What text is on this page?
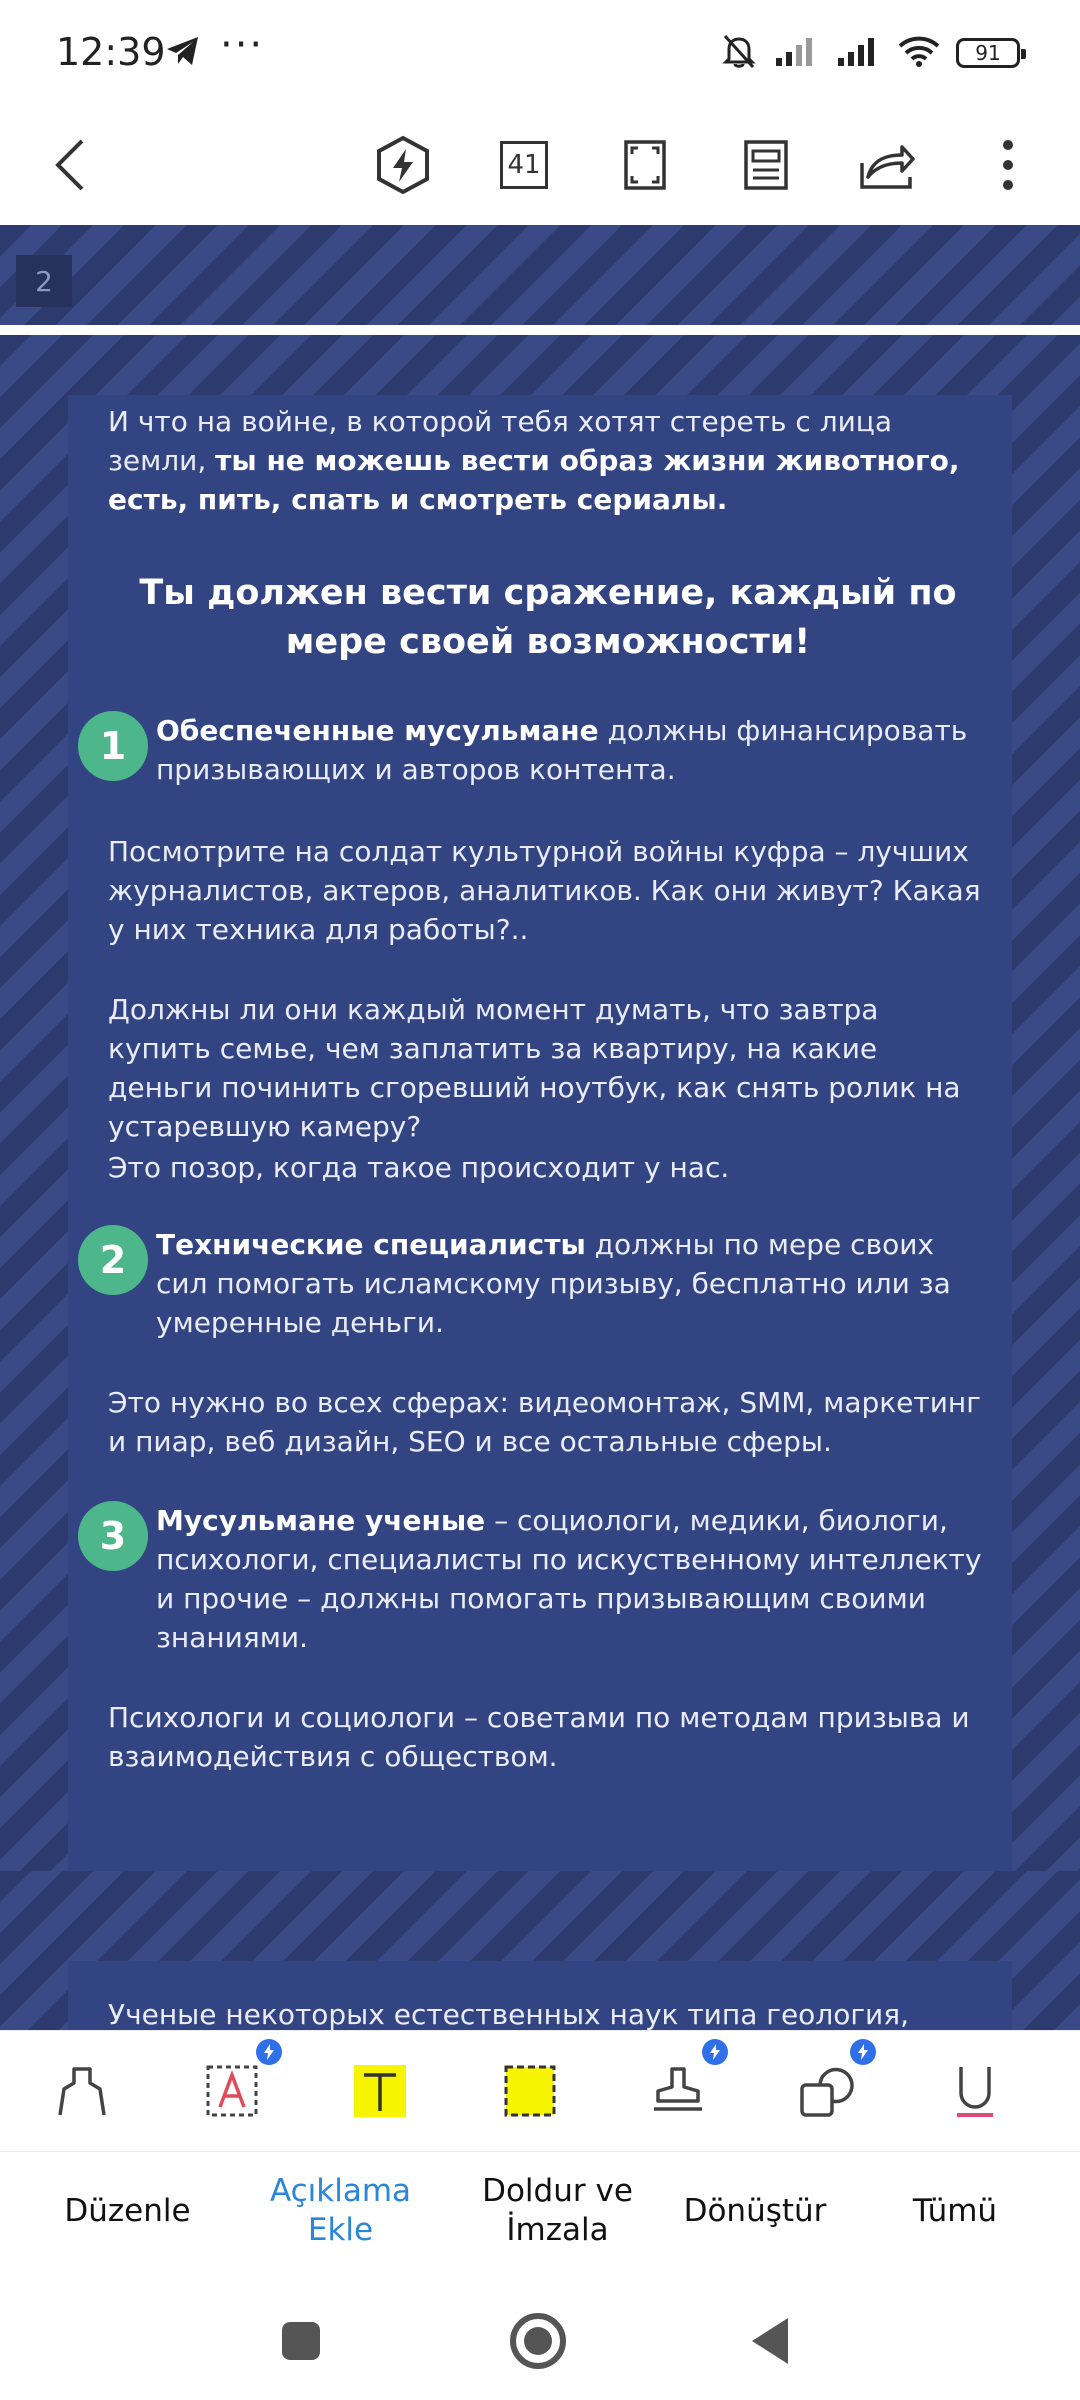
12:39 ···	91
41
2

И что на войне, в которой тебя хотят стереть с лица земли, ты не можешь вести образ жизни животного, есть, пить, спать и смотреть сериалы.

Ты должен вести сражение, каждый по мере своей возможности!
1	Обеспеченные мусульмане должны финансировать призывающих и авторов контента.

Посмотрите на солдат культурной войны куфра – лучших журналистов, актеров, аналитиков. Как они живут? Какая у них техника для работы?..
Должны ли они каждый момент думать, что завтра купить семье, чем заплатить за квартиру, на какие деньги починить сгоревший ноутбук, как снять ролик на устаревшую камеру?
Это позор, когда такое происходит у нас.
2	Технические специалисты должны по мере своих сил помогать исламскому призыву, бесплатно или за умеренные деньги.

Это нужно во всех сферах: видеомонтаж, SMM, маркетинг и пиар, веб дизайн, SEO и все остальные сферы.
3	Мусульмане ученые – социологи, медики, биологи, психологи, специалисты по искуственному интеллекту и прочие – должны помогать призывающим своими знаниями.

Психологи и социологи – советами по методам призыва и взаимодействия с обществом.
Ученые некоторых естественных наук типа геология,
Düzenle
Açıklama Ekle
Doldur ve İmzala
Dönüştür	Tümü
